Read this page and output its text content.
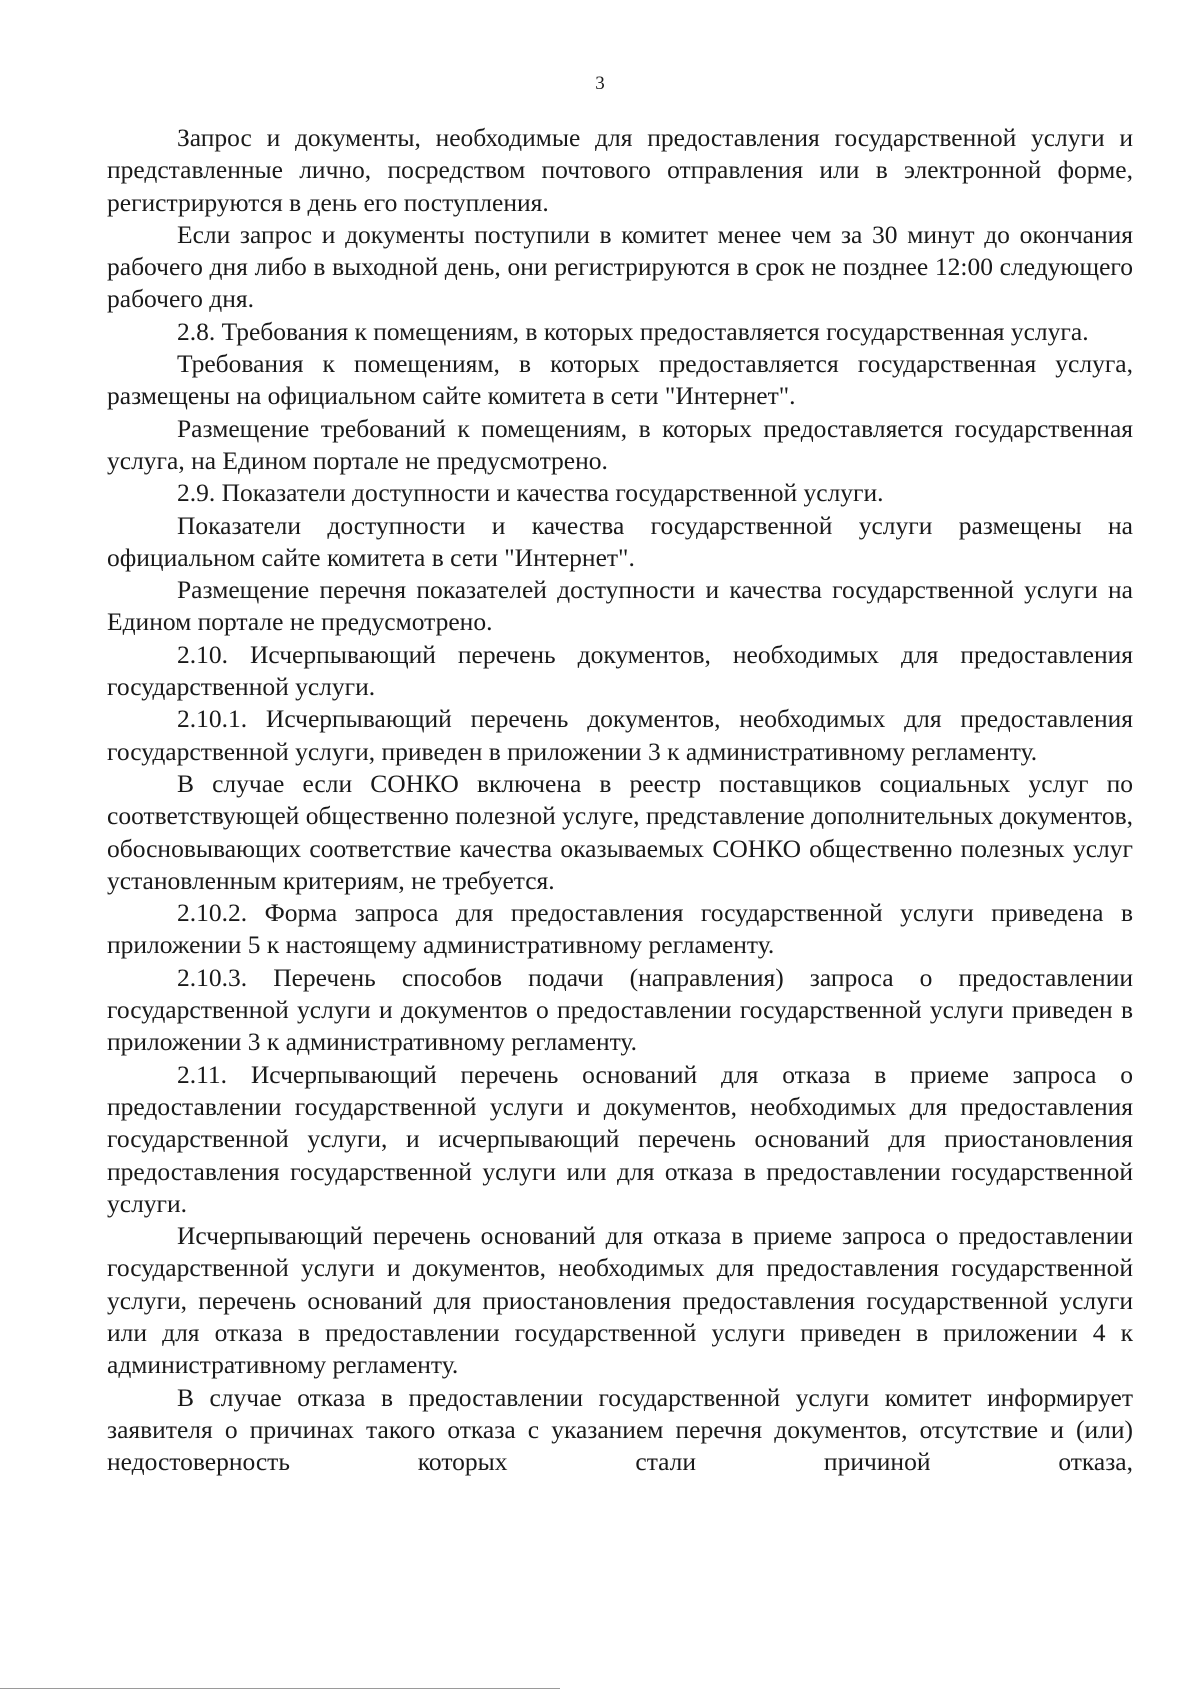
3

Запрос и документы, необходимые для предоставления государственной услуги и представленные лично, посредством почтового отправления или в электронной форме, регистрируются в день его поступления.

Если запрос и документы поступили в комитет менее чем за 30 минут до окончания рабочего дня либо в выходной день, они регистрируются в срок не позднее 12:00 следующего рабочего дня.

2.8. Требования к помещениям, в которых предоставляется государственная услуга.

Требования к помещениям, в которых предоставляется государственная услуга, размещены на официальном сайте комитета в сети "Интернет".

Размещение требований к помещениям, в которых предоставляется государственная услуга, на Едином портале не предусмотрено.

2.9. Показатели доступности и качества государственной услуги.

Показатели доступности и качества государственной услуги размещены на официальном сайте комитета в сети "Интернет".

Размещение перечня показателей доступности и качества государственной услуги на Едином портале не предусмотрено.

2.10. Исчерпывающий перечень документов, необходимых для предоставления государственной услуги.

2.10.1. Исчерпывающий перечень документов, необходимых для предоставления государственной услуги, приведен в приложении 3 к административному регламенту.

В случае если СОНКО включена в реестр поставщиков социальных услуг по соответствующей общественно полезной услуге, представление дополнительных документов, обосновывающих соответствие качества оказываемых СОНКО общественно полезных услуг установленным критериям, не требуется.

2.10.2. Форма запроса для предоставления государственной услуги приведена в приложении 5 к настоящему административному регламенту.

2.10.3. Перечень способов подачи (направления) запроса о предоставлении государственной услуги и документов о предоставлении государственной услуги приведен в приложении 3 к административному регламенту.

2.11. Исчерпывающий перечень оснований для отказа в приеме запроса о предоставлении государственной услуги и документов, необходимых для предоставления государственной услуги, и исчерпывающий перечень оснований для приостановления предоставления государственной услуги или для отказа в предоставлении государственной услуги.

Исчерпывающий перечень оснований для отказа в приеме запроса о предоставлении государственной услуги и документов, необходимых для предоставления государственной услуги, перечень оснований для приостановления предоставления государственной услуги или для отказа в предоставлении государственной услуги приведен в приложении 4 к административному регламенту.

В случае отказа в предоставлении государственной услуги комитет информирует заявителя о причинах такого отказа с указанием перечня документов, отсутствие и (или) недостоверность которых стали причиной отказа,
